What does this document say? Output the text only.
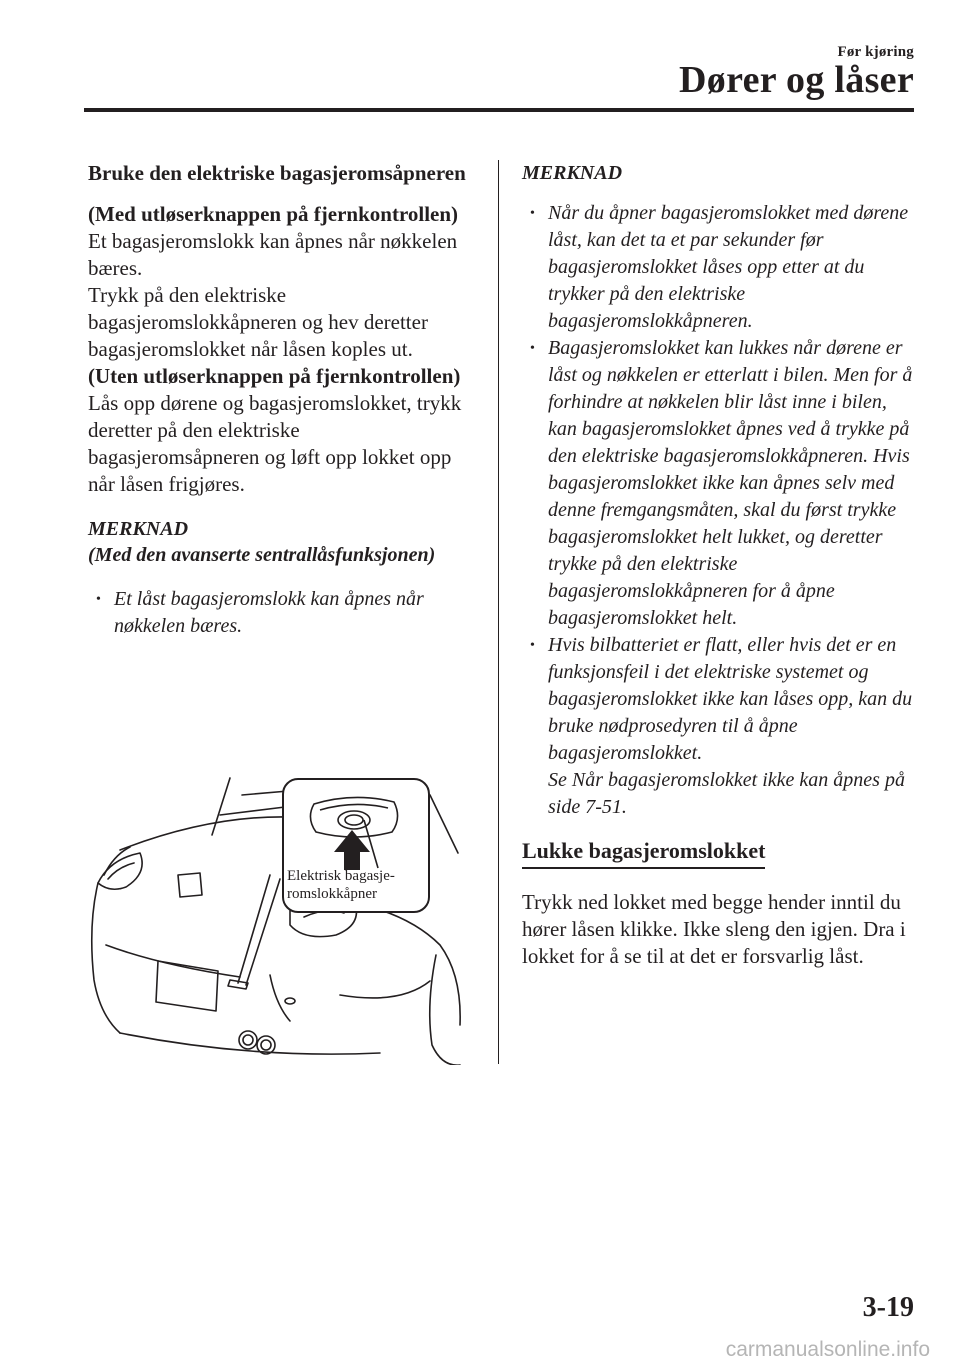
Før kjøring
Dører og låser

Bruke den elektriske bagasjeromsåpneren

(Med utløserknappen på fjernkontrollen)

Et bagasjeromslokk kan åpnes når nøkkelen bæres.

Trykk på den elektriske bagasjeromslokkåpneren og hev deretter bagasjeromslokket når låsen koples ut.

(Uten utløserknappen på fjernkontrollen)

Lås opp dørene og bagasjeromslokket, trykk deretter på den elektriske bagasjeromsåpneren og løft opp lokket opp når låsen frigjøres.

MERKNAD

(Med den avanserte sentrallåsfunksjonen)

• Et låst bagasjeromslokk kan åpnes når nøkkelen bæres.
Elektrisk bagasje-
romslokkåpner

MERKNAD

• Når du åpner bagasjeromslokket med dørene låst, kan det ta et par sekunder før bagasjeromslokket låses opp etter at du trykker på den elektriske bagasjeromslokkåpneren.
• Bagasjeromslokket kan lukkes når dørene er låst og nøkkelen er etterlatt i bilen. Men for å forhindre at nøkkelen blir låst inne i bilen, kan bagasjeromslokket åpnes ved å trykke på den elektriske bagasjeromslokkåpneren. Hvis bagasjeromslokket ikke kan åpnes selv med denne fremgangsmåten, skal du først trykke bagasjeromslokket helt lukket, og deretter trykke på den elektriske bagasjeromslokkåpneren for å åpne bagasjeromslokket helt.
• Hvis bilbatteriet er flatt, eller hvis det er en funksjonsfeil i det elektriske systemet og bagasjeromslokket ikke kan låses opp, kan du bruke nødprosedyren til å åpne bagasjeromslokket.
Se Når bagasjeromslokket ikke kan åpnes på side 7-51.
Lukke bagasjeromslokket

Trykk ned lokket med begge hender inntil du hører låsen klikke. Ikke sleng den igjen. Dra i lokket for å se til at det er forsvarlig låst.

3-19
carmanualsonline.info
